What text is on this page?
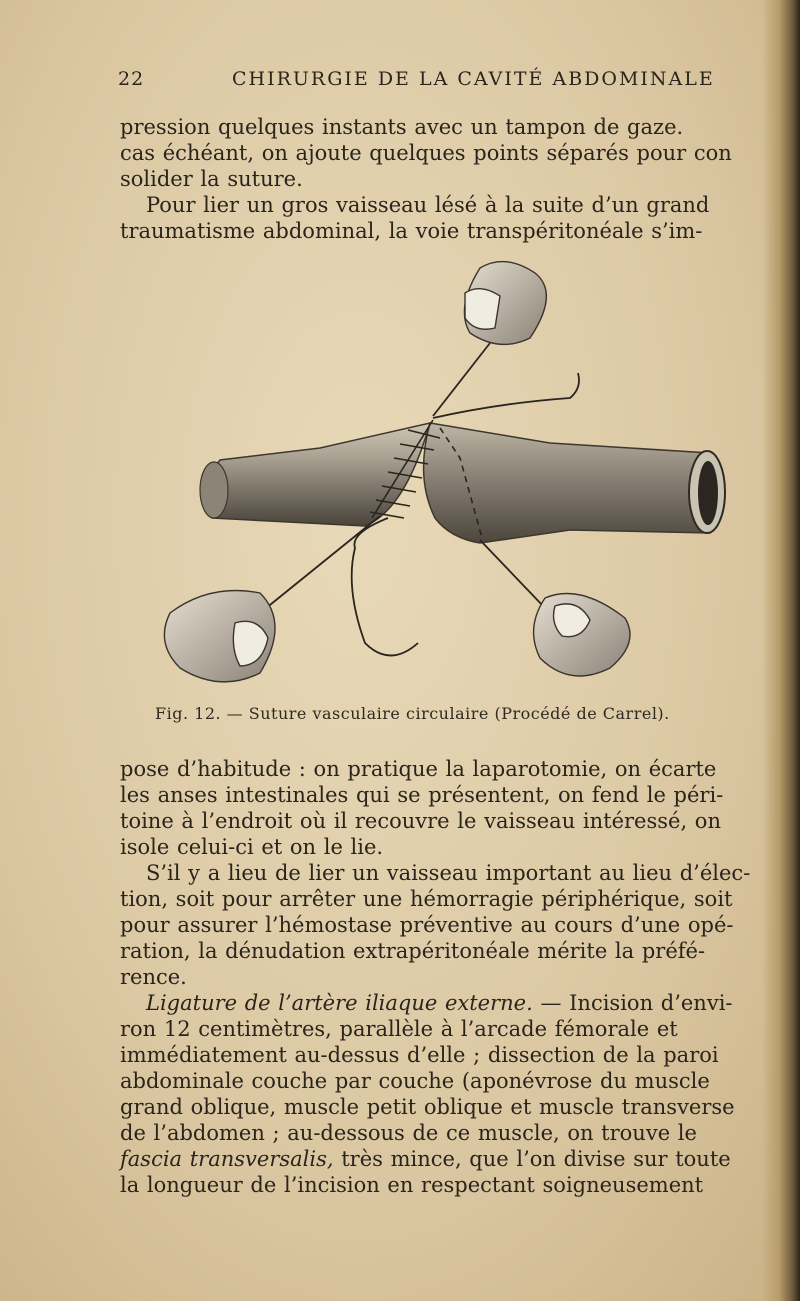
22	CHIRURGIE DE LA CAVITÉ ABDOMINALE

pression quelques instants avec un tampon de gaze.

cas échéant, on ajoute quelques points séparés pour con

solider la suture.

Pour lier un gros vaisseau lésé à la suite d’un grand

traumatisme abdominal, la voie transpéritonéale s’im-

Fig. 12. — Suture vasculaire circulaire (Procédé de Carrel).

pose d’habitude : on pratique la laparotomie, on écarte

les anses intestinales qui se présentent, on fend le péri-

toine à l’endroit où il recouvre le vaisseau intéressé, on

isole celui-ci et on le lie.

S’il y a lieu de lier un vaisseau important au lieu d’élec-

tion, soit pour arrêter une hémorragie périphérique, soit

pour assurer l’hémostase préventive au cours d’une opé-

ration, la dénudation extrapéritonéale mérite la préfé-

rence.

Ligature de l’artère iliaque externe. — Incision d’envi-

ron 12 centimètres, parallèle à l’arcade fémorale et

immédiatement au-dessus d’elle ; dissection de la paroi

abdominale couche par couche (aponévrose du muscle

grand oblique, muscle petit oblique et muscle transverse

de l’abdomen ; au-dessous de ce muscle, on trouve le

fascia transversalis, très mince, que l’on divise sur toute

la longueur de l’incision en respectant soigneusement
